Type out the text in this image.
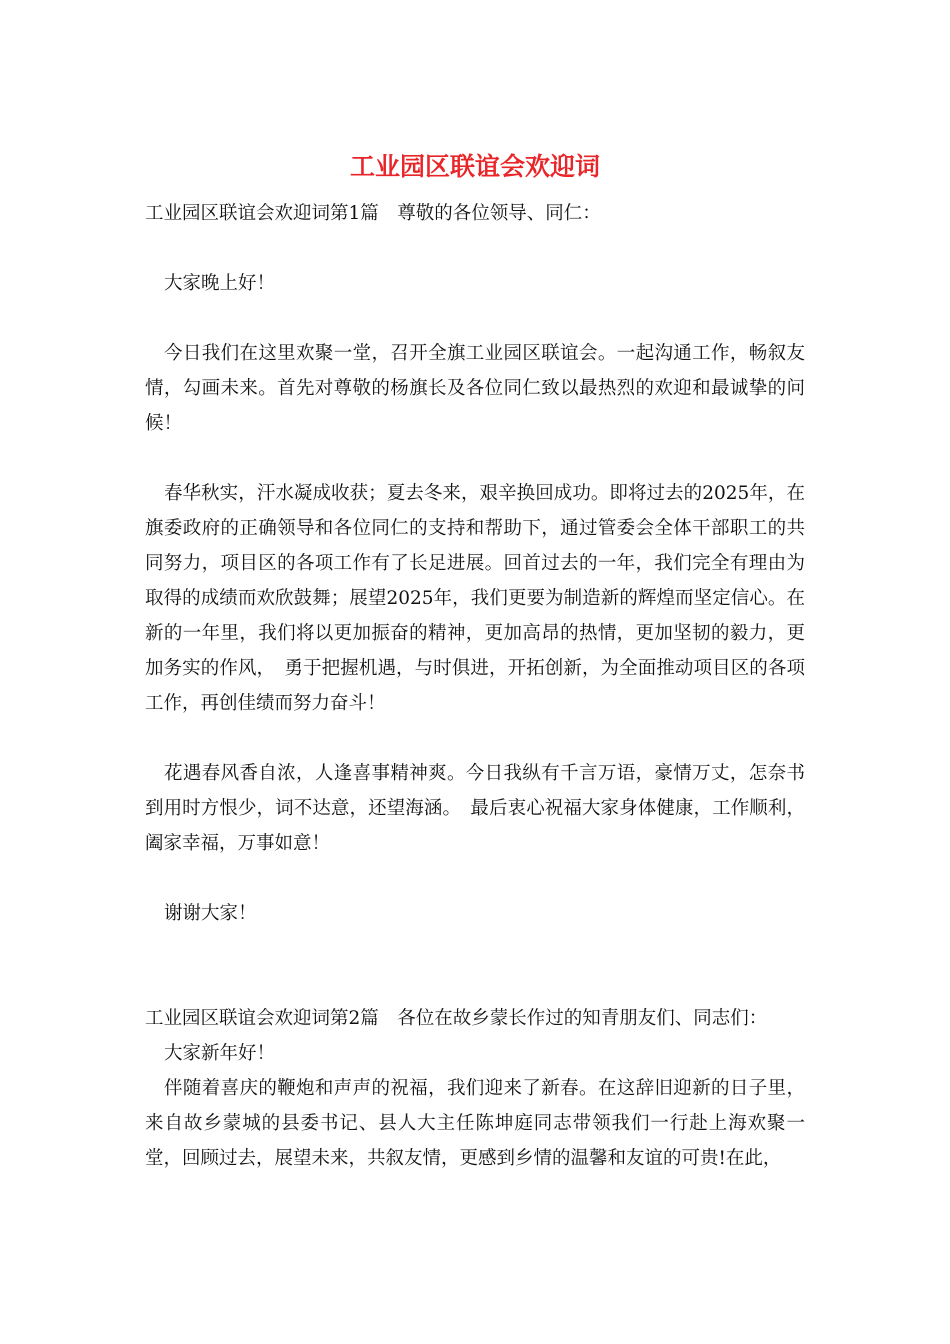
工业园区联谊会欢迎词

工业园区联谊会欢迎词第1篇　尊敬的各位领导、同仁：

大家晚上好！

今日我们在这里欢聚一堂，召开全旗工业园区联谊会。一起沟通工作，畅叙友情，勾画未来。首先对尊敬的杨旗长及各位同仁致以最热烈的欢迎和最诚挚的问候！

春华秋实，汗水凝成收获；夏去冬来，艰辛换回成功。即将过去的2025年，在旗委政府的正确领导和各位同仁的支持和帮助下，通过管委会全体干部职工的共同努力，项目区的各项工作有了长足进展。回首过去的一年，我们完全有理由为取得的成绩而欢欣鼓舞；展望2025年，我们更要为制造新的辉煌而坚定信心。在新的一年里，我们将以更加振奋的精神，更加高昂的热情，更加坚韧的毅力，更加务实的作风，　勇于把握机遇，与时俱进，开拓创新，为全面推动项目区的各项工作，再创佳绩而努力奋斗！

花遇春风香自浓，人逢喜事精神爽。今日我纵有千言万语，豪情万丈，怎奈书到用时方恨少，词不达意，还望海涵。　最后衷心祝福大家身体健康，工作顺利，阖家幸福，万事如意！

谢谢大家！

工业园区联谊会欢迎词第2篇　各位在故乡蒙长作过的知青朋友们、同志们：

大家新年好！

伴随着喜庆的鞭炮和声声的祝福，我们迎来了新春。在这辞旧迎新的日子里，来自故乡蒙城的县委书记、县人大主任陈坤庭同志带领我们一行赴上海欢聚一堂，回顾过去，展望未来，共叙友情，更感到乡情的温馨和友谊的可贵!在此，
